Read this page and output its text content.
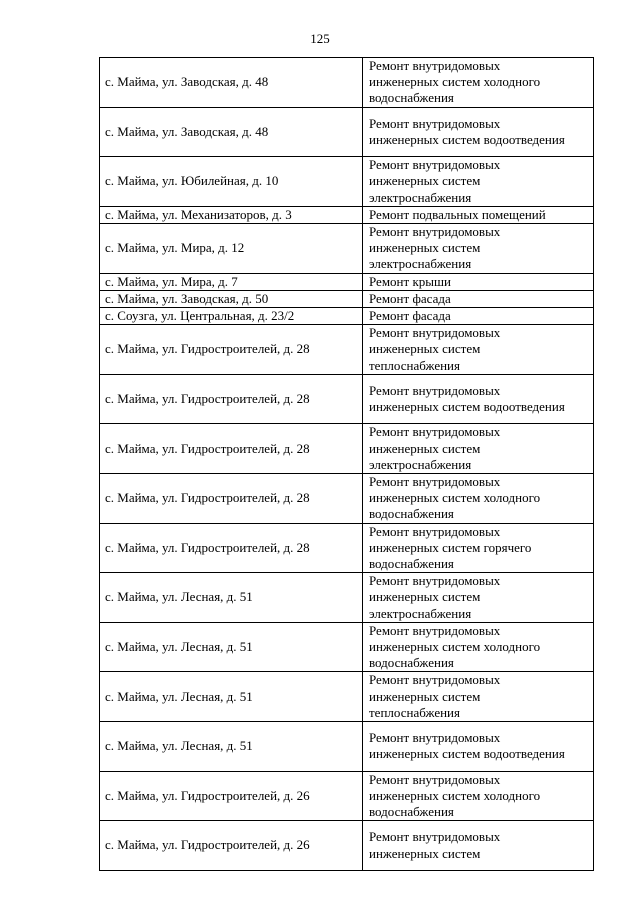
125
с. Майма, ул. Заводская, д. 48	Ремонт внутридомовых
инженерных систем холодного
водоснабжения

с. Майма, ул. Заводская, д. 48	Ремонт внутридомовых
инженерных систем водоотведения

с. Майма, ул. Юбилейная, д. 10	Ремонт внутридомовых
инженерных систем
электроснабжения

с. Майма, ул. Механизаторов, д. 3	Ремонт подвальных помещений

с. Майма, ул. Мира, д. 12	Ремонт внутридомовых
инженерных систем
электроснабжения

с. Майма, ул. Мира, д. 7	Ремонт крыши

с. Майма, ул. Заводская, д. 50	Ремонт фасада

с. Соузга, ул. Центральная, д. 23/2	Ремонт фасада

с. Майма, ул. Гидростроителей, д. 28	Ремонт внутридомовых
инженерных систем
теплоснабжения

с. Майма, ул. Гидростроителей, д. 28	Ремонт внутридомовых
инженерных систем водоотведения

с. Майма, ул. Гидростроителей, д. 28	Ремонт внутридомовых
инженерных систем
электроснабжения

с. Майма, ул. Гидростроителей, д. 28	Ремонт внутридомовых
инженерных систем холодного
водоснабжения

с. Майма, ул. Гидростроителей, д. 28	Ремонт внутридомовых
инженерных систем горячего
водоснабжения

с. Майма, ул. Лесная, д. 51	Ремонт внутридомовых
инженерных систем
электроснабжения

с. Майма, ул. Лесная, д. 51	Ремонт внутридомовых
инженерных систем холодного
водоснабжения

с. Майма, ул. Лесная, д. 51	Ремонт внутридомовых
инженерных систем
теплоснабжения

с. Майма, ул. Лесная, д. 51	Ремонт внутридомовых
инженерных систем водоотведения

с. Майма, ул. Гидростроителей, д. 26	Ремонт внутридомовых
инженерных систем холодного
водоснабжения

с. Майма, ул. Гидростроителей, д. 26	Ремонт внутридомовых
инженерных систем
